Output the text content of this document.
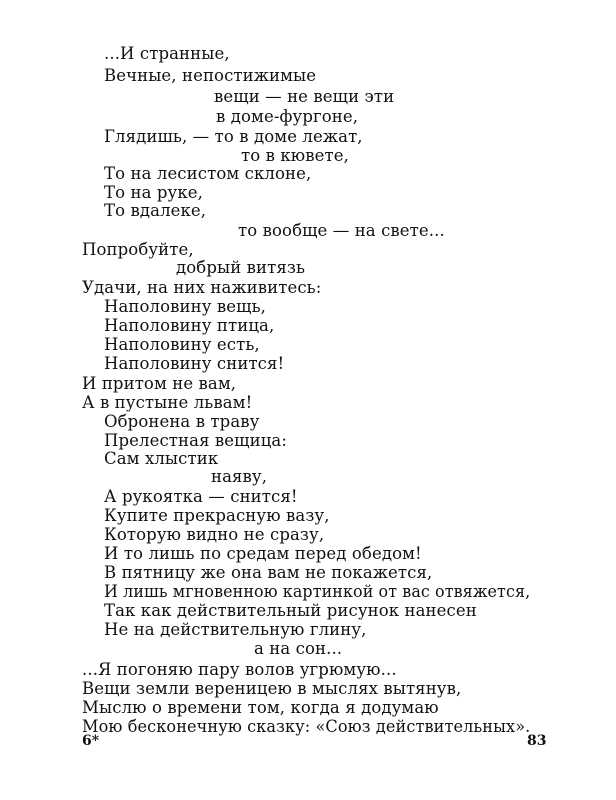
...И странные,
Вечные, непостижимые
вещи — не вещи эти
в доме-фургоне,
Глядишь, — то в доме лежат,
то в кювете,
То на лесистом склоне,
То на руке,
То вдалеке,
то вообще — на свете...
Попробуйте,
добрый витязь
Удачи, на них наживитесь:
Наполовину вещь,
Наполовину птица,
Наполовину есть,
Наполовину снится!
И притом не вам,
А в пустыне львам!
Обронена в траву
Прелестная вещица:
Сам хлыстик
наяву,
А рукоятка — снится!
Купите прекрасную вазу,
Которую видно не сразу,
И то лишь по средам перед обедом!
В пятницу же она вам не покажется,
И лишь мгновенною картинкой от вас отвяжется,
Так как действительный рисунок нанесен
Не на действительную глину,
а на сон...
...Я погоняю пару волов угрюмую...
Вещи земли вереницею в мыслях вытянув,
Мыслю о времени том, когда я додумаю
Мою бесконечную сказку: «Союз действительных».
6*	83
